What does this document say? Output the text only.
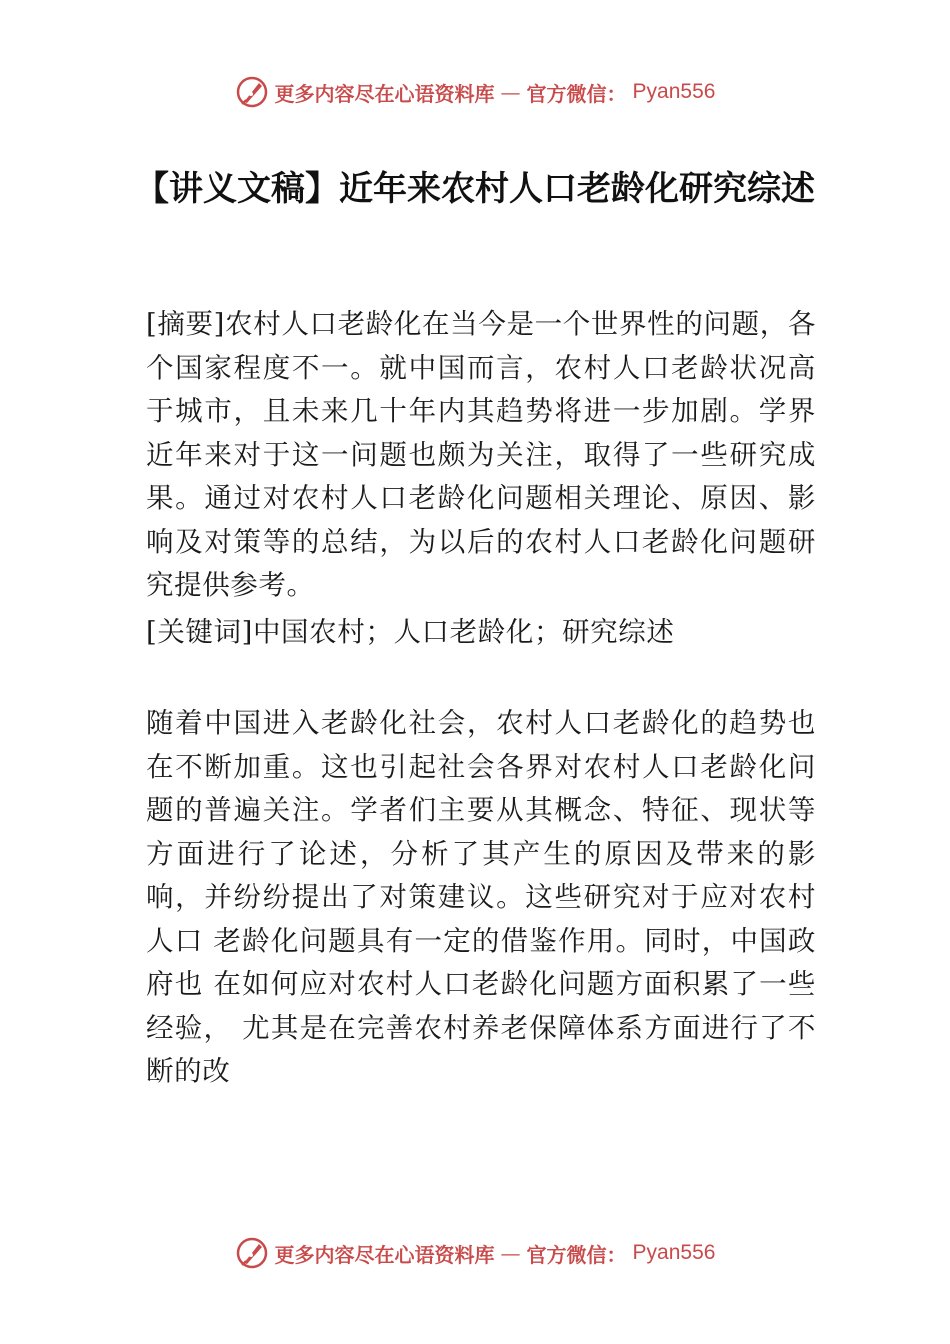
更多内容尽在心语资料库 — 官方微信： Pyan556
【讲义文稿】近年来农村人口老龄化研究综述

[摘要]农村人口老龄化在当今是一个世界性的问题，各个国家程度不一。就中国而言，农村人口老龄状况高于城市，且未来几十年内其趋势将进一步加剧。学界近年来对于这一问题也颇为关注，取得了一些研究成果。通过对农村人口老龄化问题相关理论、原因、影响及对策等的总结，为以后的农村人口老龄化问题研究提供参考。

[关键词]中国农村；人口老龄化；研究综述

随着中国进入老龄化社会，农村人口老龄化的趋势也在不断加重。这也引起社会各界对农村人口老龄化问题的普遍关注。学者们主要从其概念、特征、现状等方面进行了论述，分析了其产生的原因及带来的影响，并纷纷提出了对策建议。这些研究对于应对农村人口 老龄化问题具有一定的借鉴作用。同时，中国政府也 在如何应对农村人口老龄化问题方面积累了一些经验， 尤其是在完善农村养老保障体系方面进行了不断的改

更多内容尽在心语资料库 — 官方微信： Pyan556
